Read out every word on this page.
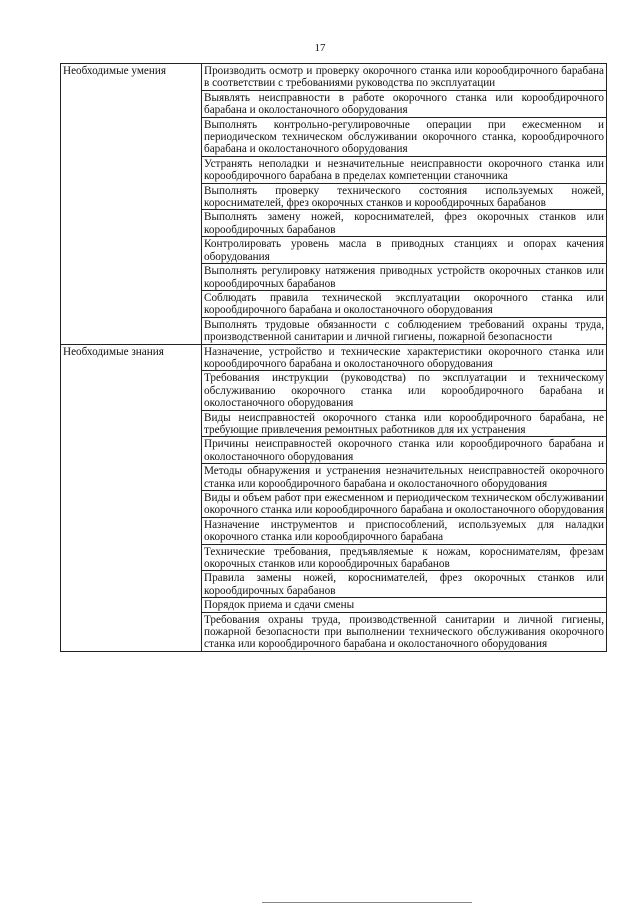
17
Необходимые умения	Производить осмотр и проверку окорочного станка или корообдирочного барабана в соответствии с требованиями руководства по эксплуатации
	Выявлять неисправности в работе окорочного станка или корообдирочного барабана и околостаночного оборудования
	Выполнять контрольно-регулировочные операции при ежесменном и периодическом техническом обслуживании окорочного станка, корообдирочного барабана и околостаночного оборудования
	Устранять неполадки и незначительные неисправности окорочного станка или корообдирочного барабана в пределах компетенции станочника
	Выполнять проверку технического состояния используемых ножей, коросниматeлей, фрез окорочных станков и корообдирочных барабанов
	Выполнять замену ножей, коросниматeлей, фрез окорочных станков или корообдирочных барабанов
	Контролировать уровень масла в приводных станциях и опорах качения оборудования
	Выполнять регулировку натяжения приводных устройств окорочных станков или корообдирочных барабанов
	Соблюдать правила технической эксплуатации окорочного станка или корообдирочного барабана и околостаночного оборудования
	Выполнять трудовые обязанности с соблюдением требований охраны труда, производственной санитарии и личной гигиены, пожарной безопасности
Необходимые знания	Назначение, устройство и технические характеристики окорочного станка или корообдирочного барабана и околостаночного оборудования
	Требования инструкции (руководства) по эксплуатации и техническому обслуживанию окорочного станка или корообдирочного барабана и околостаночного оборудования
	Виды неисправностей окорочного станка или корообдирочного барабана, не требующие привлечения ремонтных работников для их устранения
	Причины неисправностей окорочного станка или корообдирочного барабана и околостаночного оборудования
	Методы обнаружения и устранения незначительных неисправностей окорочного станка или корообдирочного барабана и околостаночного оборудования
	Виды и объем работ при ежесменном и периодическом техническом обслуживании окорочного станка или корообдирочного барабана и околостаночного оборудования
	Назначение инструментов и приспособлений, используемых для наладки окорочного станка или корообдирочного барабана
	Технические требования, предъявляемые к ножам, коросниматeлям, фрезам окорочных станков или корообдирочных барабанов
	Правила замены ножей, коросниматeлей, фрез окорочных станков или корообдирочных барабанов
	Порядок приема и сдачи смены
	Требования охраны труда, производственной санитарии и личной гигиены, пожарной безопасности при выполнении технического обслуживания окорочного станка или корообдирочного барабана и околостаночного оборудования
